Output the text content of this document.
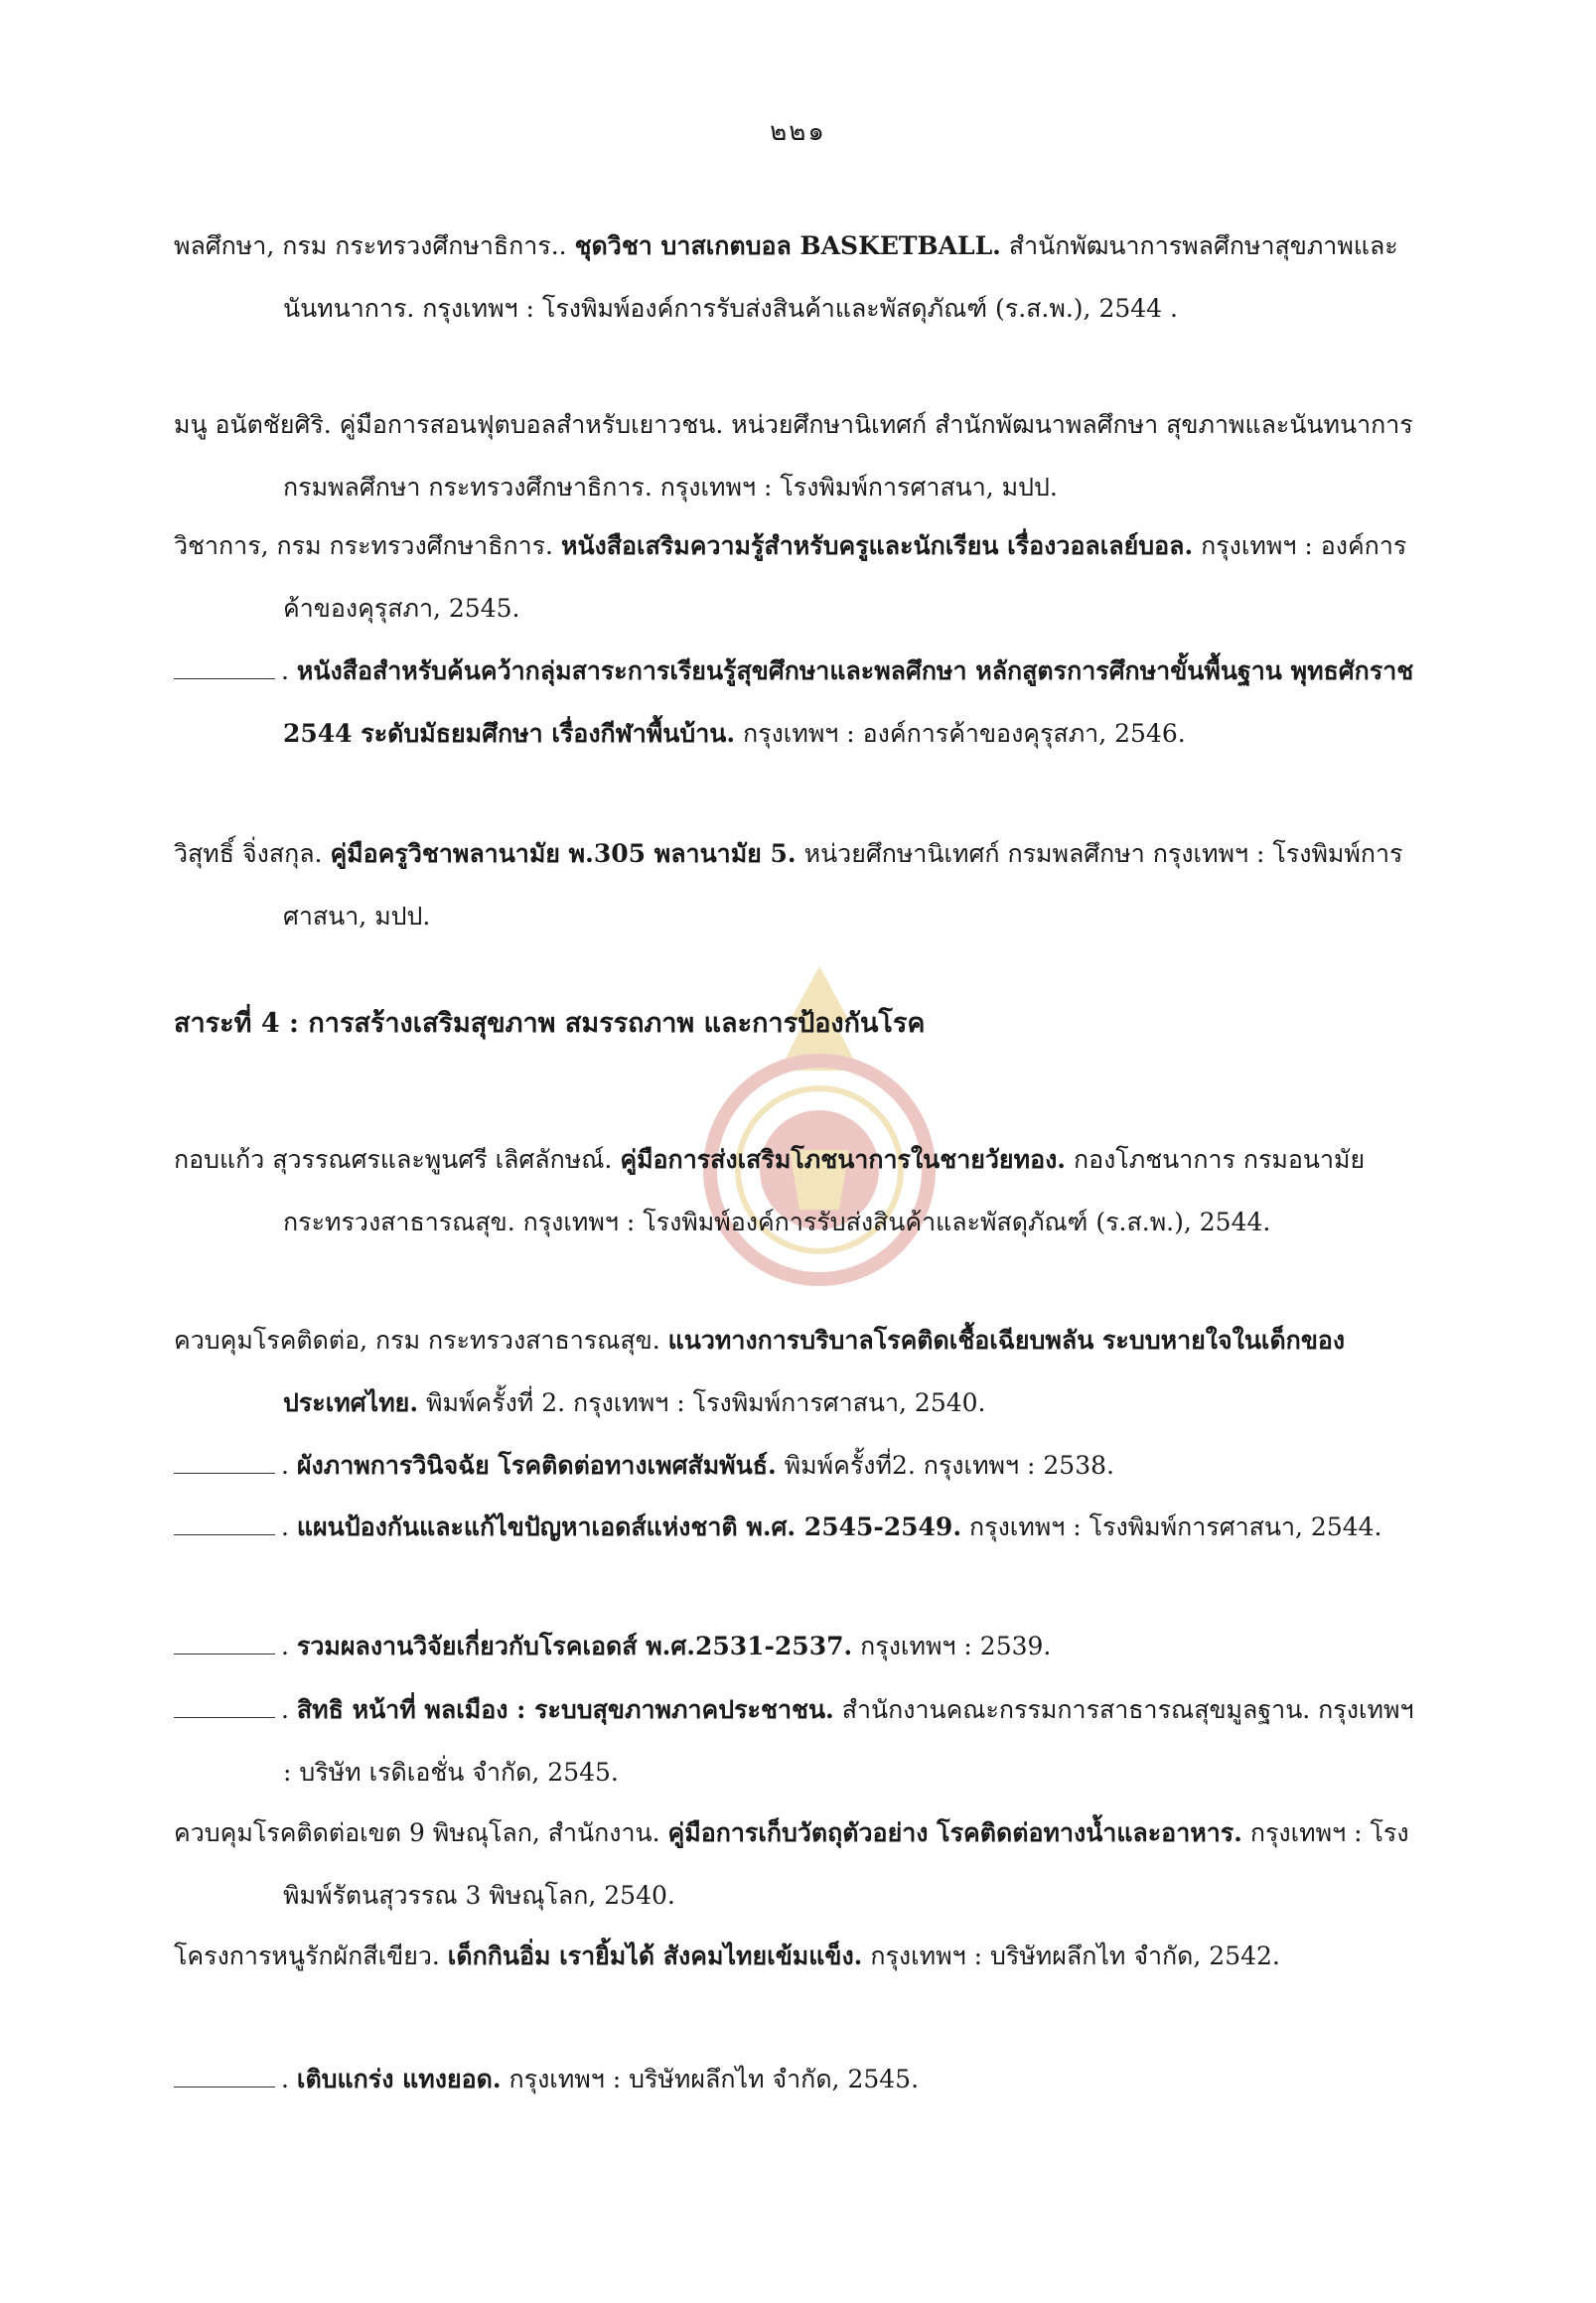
๒๒๑
พลศึกษา, กรม กระทรวงศึกษาธิการ.. ชุดวิชา บาสเกตบอล BASKETBALL. สำนักพัฒนาการพลศึกษาสุขภาพและนันทนาการ. กรุงเทพฯ : โรงพิมพ์องค์การรับส่งสินค้าและพัสดุภัณฑ์ (ร.ส.พ.), 2544 .
มนู อนัตชัยศิริ. คู่มือการสอนฟุตบอลสำหรับเยาวชน. หน่วยศึกษานิเทศก์ สำนักพัฒนาพลศึกษา สุขภาพและนันทนาการ กรมพลศึกษา กระทรวงศึกษาธิการ. กรุงเทพฯ : โรงพิมพ์การศาสนา, มปป.
วิชาการ, กรม กระทรวงศึกษาธิการ. หนังสือเสริมความรู้สำหรับครูและนักเรียน เรื่องวอลเลย์บอล. กรุงเทพฯ : องค์การค้าของคุรุสภา, 2545.
. หนังสือสำหรับค้นคว้ากลุ่มสาระการเรียนรู้สุขศึกษาและพลศึกษา หลักสูตรการศึกษาขั้นพื้นฐาน พุทธศักราช 2544 ระดับมัธยมศึกษา เรื่องกีฬาพื้นบ้าน. กรุงเทพฯ : องค์การค้าของคุรุสภา, 2546.
วิสุทธิ์ จิ่งสกุล. คู่มือครูวิชาพลานามัย พ.305 พลานามัย 5. หน่วยศึกษานิเทศก์ กรมพลศึกษา กรุงเทพฯ : โรงพิมพ์การศาสนา, มปป.
สาระที่ 4 : การสร้างเสริมสุขภาพ สมรรถภาพ และการป้องกันโรค
กอบแก้ว สุวรรณศรและพูนศรี เลิศลักษณ์. คู่มือการส่งเสริมโภชนาการในชายวัยทอง. กองโภชนาการ กรมอนามัย กระทรวงสาธารณสุข. กรุงเทพฯ : โรงพิมพ์องค์การรับส่งสินค้าและพัสดุภัณฑ์ (ร.ส.พ.), 2544.
ควบคุมโรคติดต่อ, กรม กระทรวงสาธารณสุข. แนวทางการบริบาลโรคติดเชื้อเฉียบพลัน ระบบหายใจในเด็กของประเทศไทย. พิมพ์ครั้งที่ 2. กรุงเทพฯ : โรงพิมพ์การศาสนา, 2540.
. ผังภาพการวินิจฉัย โรคติดต่อทางเพศสัมพันธ์. พิมพ์ครั้งที่2. กรุงเทพฯ : 2538.
. แผนป้องกันและแก้ไขปัญหาเอดส์แห่งชาติ พ.ศ. 2545-2549. กรุงเทพฯ : โรงพิมพ์การศาสนา, 2544.
. รวมผลงานวิจัยเกี่ยวกับโรคเอดส์ พ.ศ.2531-2537. กรุงเทพฯ : 2539.
. สิทธิ หน้าที่ พลเมือง : ระบบสุขภาพภาคประชาชน. สำนักงานคณะกรรมการสาธารณสุขมูลฐาน. กรุงเทพฯ : บริษัท เรดิเอชั่น จำกัด, 2545.
ควบคุมโรคติดต่อเขต 9 พิษณุโลก, สำนักงาน. คู่มือการเก็บวัตถุตัวอย่าง โรคติดต่อทางน้ำและอาหาร. กรุงเทพฯ : โรงพิมพ์รัตนสุวรรณ 3 พิษณุโลก, 2540.
โครงการหนูรักผักสีเขียว. เด็กกินอิ่ม เรายิ้มได้ สังคมไทยเข้มแข็ง. กรุงเทพฯ : บริษัทผลึกไท จำกัด, 2542.
. เติบแกร่ง แทงยอด. กรุงเทพฯ : บริษัทผลึกไท จำกัด, 2545.
